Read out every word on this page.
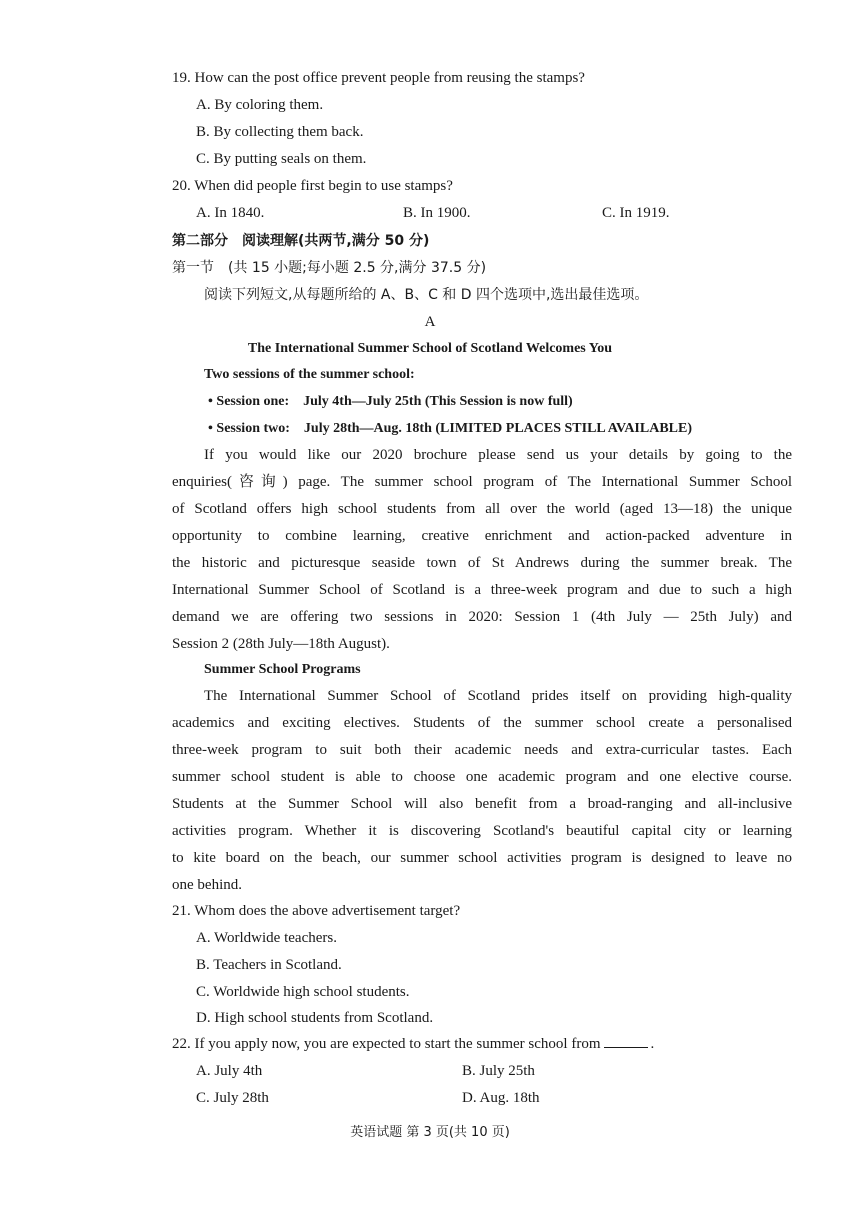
19. How can the post office prevent people from reusing the stamps?
A. By coloring them.
B. By collecting them back.
C. By putting seals on them.
20. When did people first begin to use stamps?
A. In 1840.	B. In 1900.	C. In 1919.
第二部分　阅读理解(共两节,满分 50 分)
第一节　(共 15 小题;每小题 2.5 分,满分 37.5 分)
阅读下列短文,从每题所给的 A、B、C 和 D 四个选项中,选出最佳选项。
A
The International Summer School of Scotland Welcomes You
Two sessions of the summer school:
• Session one:　July 4th—July 25th (This Session is now full)
• Session two:　July 28th—Aug. 18th (LIMITED PLACES STILL AVAILABLE)
If you would like our 2020 brochure please send us your details by going to the
enquiries(咨询) page. The summer school program of The International Summer School
of Scotland offers high school students from all over the world (aged 13—18) the unique
opportunity to combine learning, creative enrichment and action-packed adventure in
the historic and picturesque seaside town of St Andrews during the summer break. The
International Summer School of Scotland is a three-week program and due to such a high
demand we are offering two sessions in 2020: Session 1 (4th July — 25th July) and
Session 2 (28th July—18th August).
Summer School Programs
The International Summer School of Scotland prides itself on providing high-quality
academics and exciting electives. Students of the summer school create a personalised
three-week program to suit both their academic needs and extra-curricular tastes. Each
summer school student is able to choose one academic program and one elective course.
Students at the Summer School will also benefit from a broad-ranging and all-inclusive
activities program. Whether it is discovering Scotland's beautiful capital city or learning
to kite board on the beach, our summer school activities program is designed to leave no
one behind.
21. Whom does the above advertisement target?
A. Worldwide teachers.
B. Teachers in Scotland.
C. Worldwide high school students.
D. High school students from Scotland.
22. If you apply now, you are expected to start the summer school from	.
A. July 4th	B. July 25th
C. July 28th	D. Aug. 18th
英语试题 第 3 页(共 10 页)
